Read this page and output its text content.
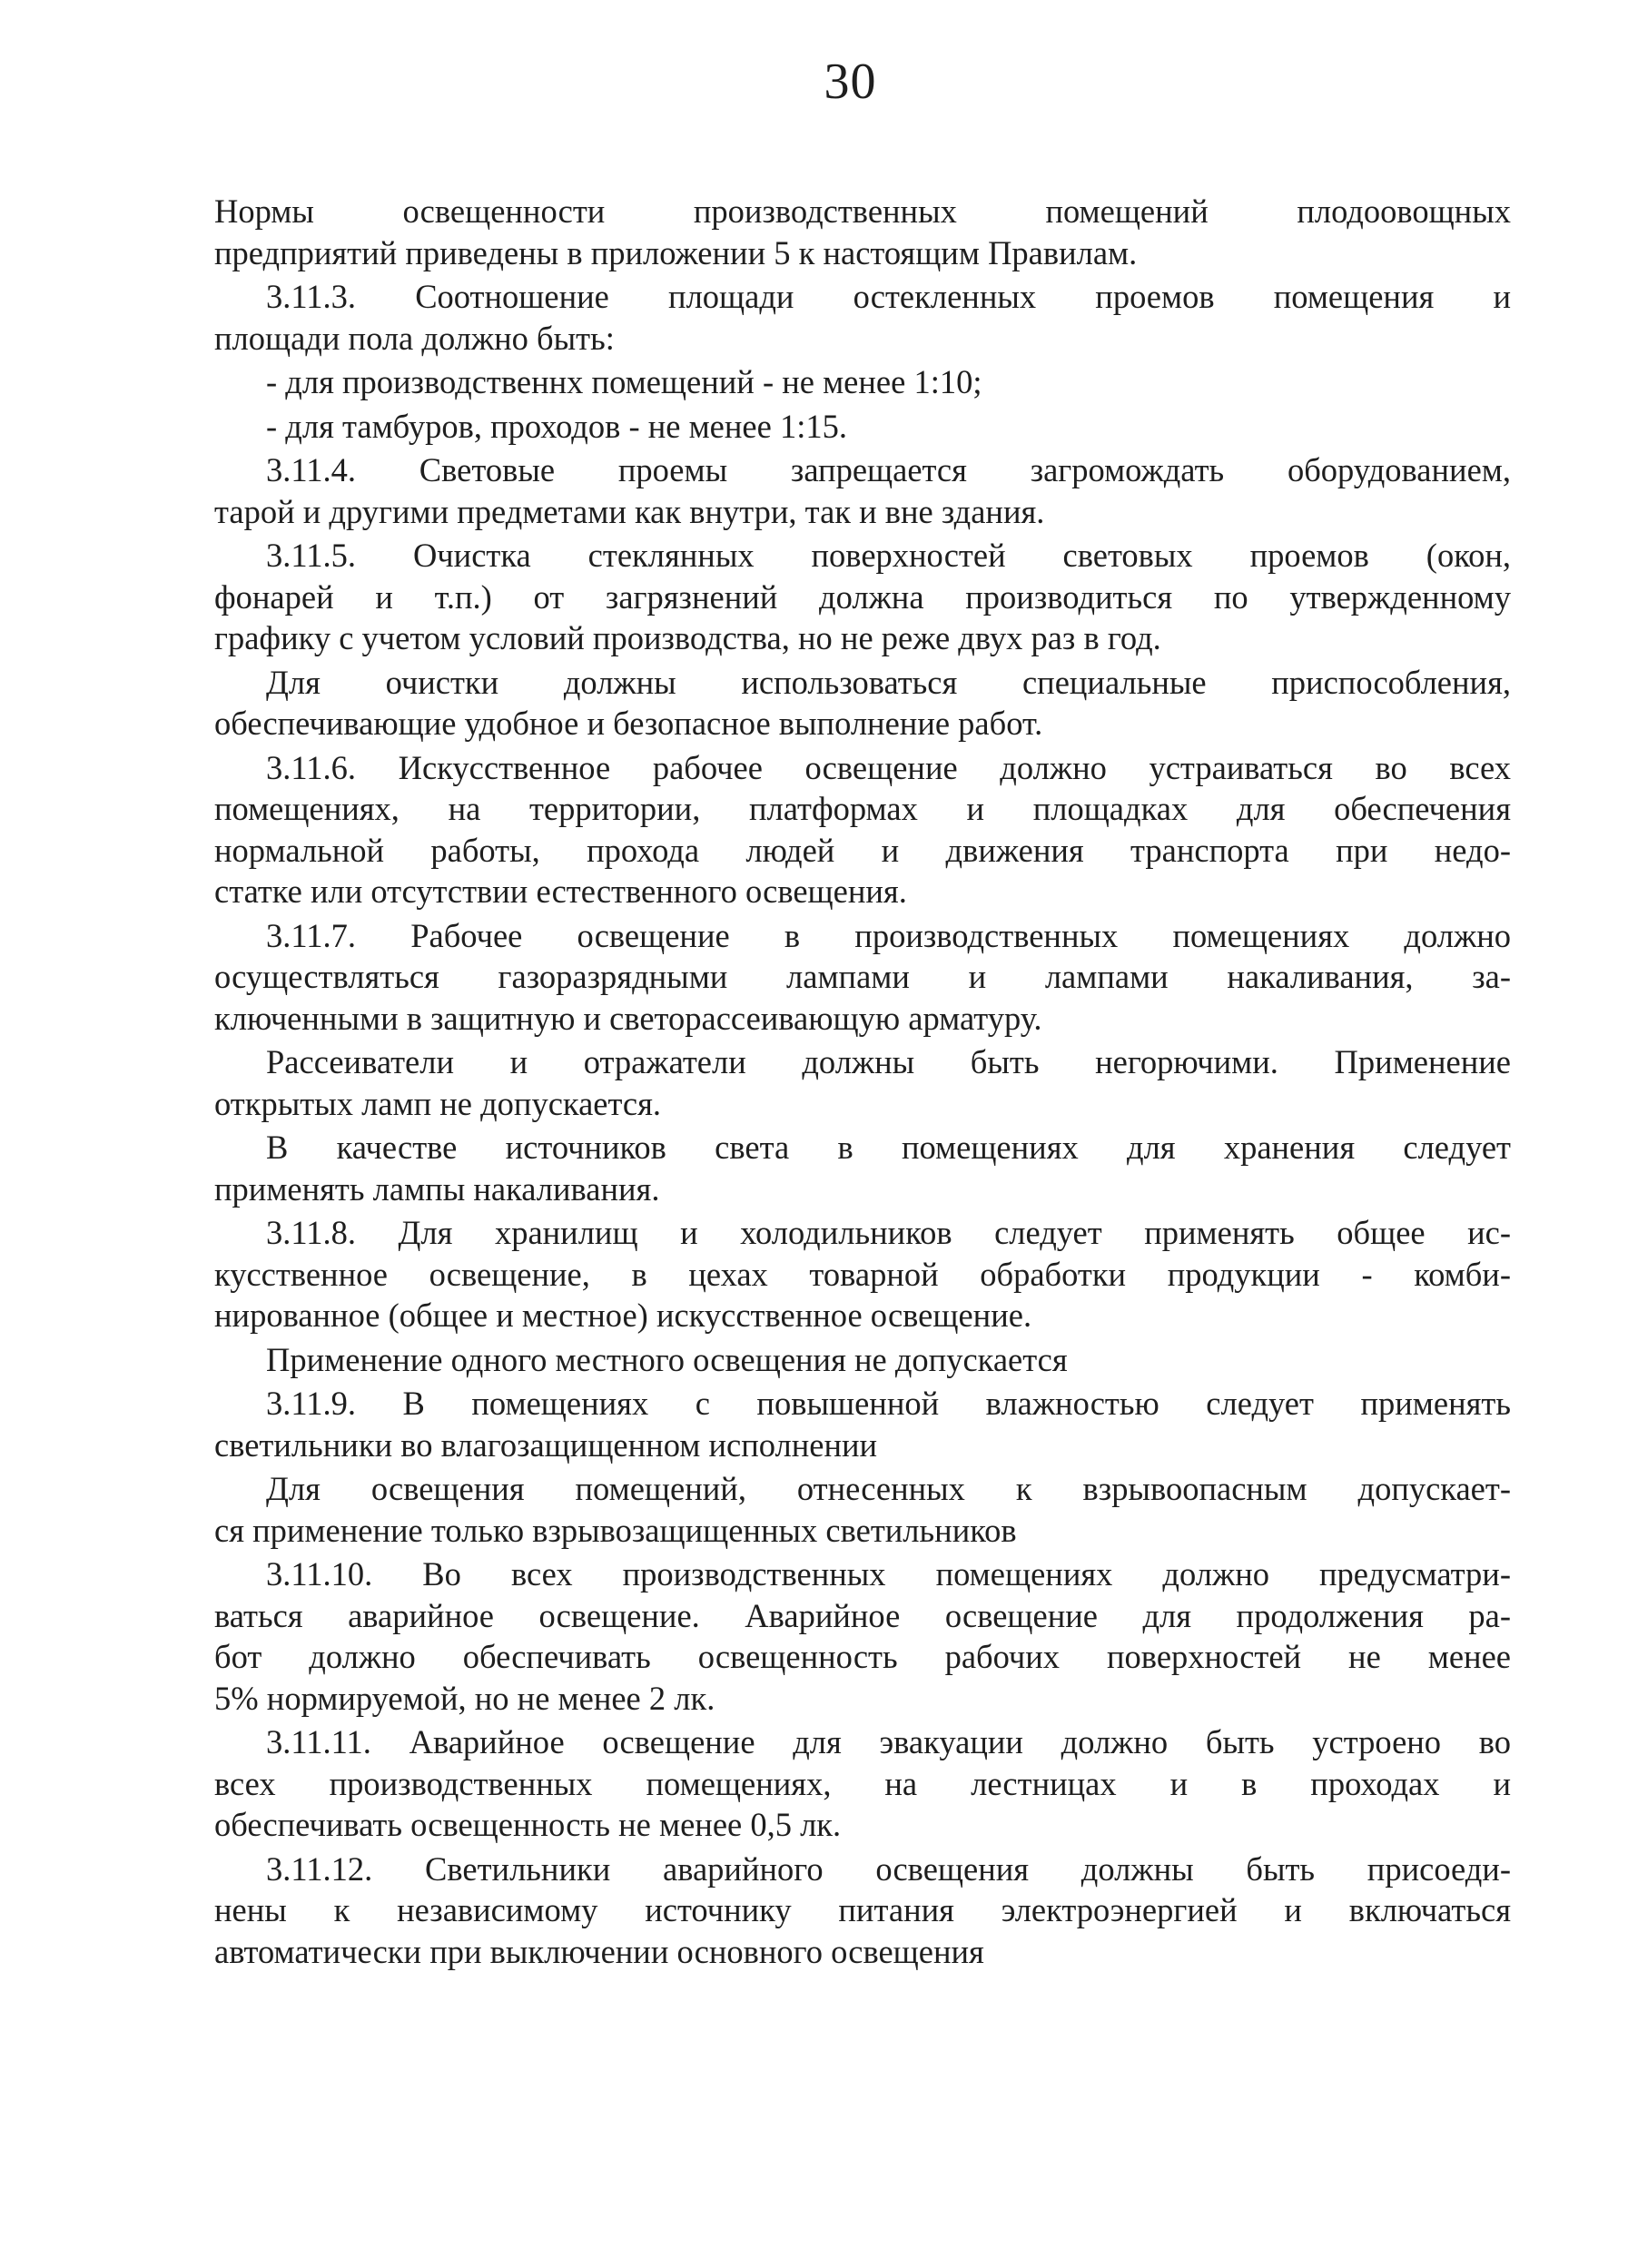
30
Нормы освещенности производственных помещений плодоовощных
предприятий приведены в приложении 5 к настоящим Правилам.
3.11.3. Соотношение площади остекленных проемов помещения и
площади пола должно быть:
- для производственнх помещений - не менее 1:10;
- для тамбуров, проходов - не менее 1:15.
3.11.4. Световые проемы запрещается загромождать оборудованием,
тарой и другими предметами как внутри, так и вне здания.
3.11.5. Очистка стеклянных поверхностей световых проемов (окон,
фонарей и т.п.) от загрязнений должна производиться по утвержденному
графику с учетом условий производства, но не реже двух раз в год.
Для очистки должны использоваться специальные приспособления,
обеспечивающие удобное и безопасное выполнение работ.
3.11.6. Искусственное рабочее освещение должно устраиваться во всех
помещениях, на территории, платформах и площадках для обеспечения
нормальной работы, прохода людей и движения транспорта при недо-
статке или отсутствии естественного освещения.
3.11.7. Рабочее освещение в производственных помещениях должно
осуществляться газоразрядными лампами и лампами накаливания, за-
ключенными в защитную и светорассеивающую арматуру.
Рассеиватели и отражатели должны быть негорючими. Применение
открытых ламп не допускается.
В качестве источников света в помещениях для хранения следует
применять лампы накаливания.
3.11.8. Для хранилищ и холодильников следует применять общее ис-
кусственное освещение, в цехах товарной обработки продукции - комби-
нированное (общее и местное) искусственное освещение.
Применение одного местного освещения не допускается
3.11.9. В помещениях с повышенной влажностью следует применять
светильники во влагозащищенном исполнении
Для освещения помещений, отнесенных к взрывоопасным допускает-
ся применение только взрывозащищенных светильников
3.11.10. Во всех производственных помещениях должно предусматри-
ваться аварийное освещение. Аварийное освещение для продолжения ра-
бот должно обеспечивать освещенность рабочих поверхностей не менее
5% нормируемой, но не менее 2 лк.
3.11.11. Аварийное освещение для эвакуации должно быть устроено во
всех производственных помещениях, на лестницах и в проходах и
обеспечивать освещенность не менее 0,5 лк.
3.11.12. Светильники аварийного освещения должны быть присоеди-
нены к независимому источнику питания электроэнергией и включаться
автоматически при выключении основного освещения
